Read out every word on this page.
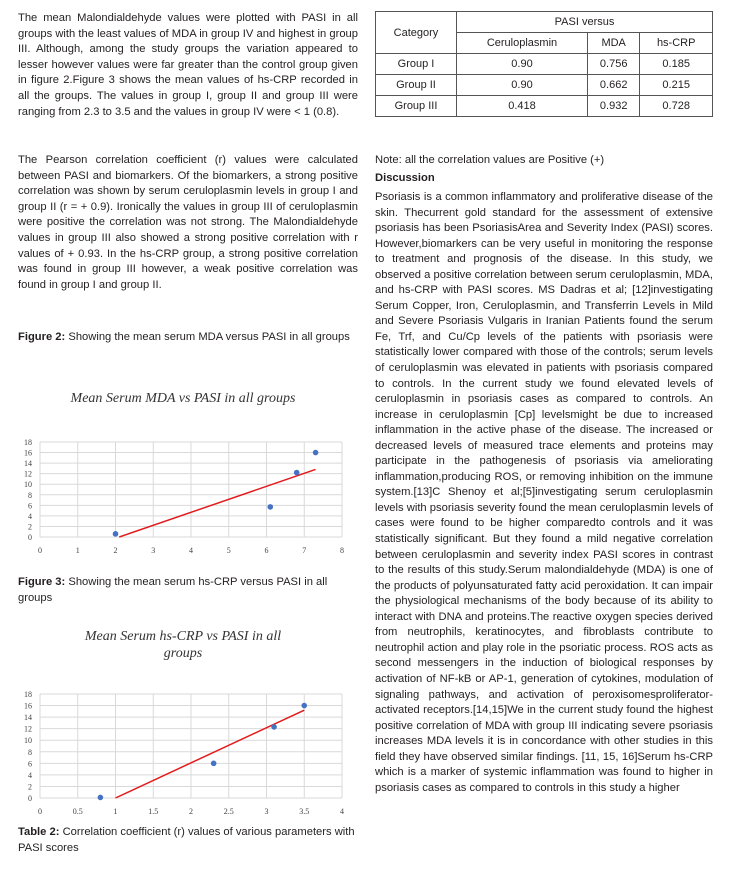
The mean Malondialdehyde values were plotted with PASI in all groups with the least values of MDA in group IV and highest in group III. Although, among the study groups the variation appeared to lesser however values were far greater than the control group given in figure 2.Figure 3 shows the mean values of hs-CRP recorded in all the groups. The values in group I, group II and group III were ranging from 2.3 to 3.5 and the values in group IV were < 1 (0.8).

The Pearson correlation coefficient (r) values were calculated between PASI and biomarkers. Of the biomarkers, a strong positive correlation was shown by serum ceruloplasmin levels in group I and group II (r = + 0.9). Ironically the values in group III of ceruloplasmin were positive the correlation was not strong. The Malondialdehyde values in group III also showed a strong positive correlation with r values of + 0.93. In the hs-CRP group, a strong positive correlation was found in group III however, a weak positive correlation was found in group I and group II.

Figure 2: Showing the mean serum MDA versus PASI in all groups
Mean Serum MDA vs PASI in all groups
0
2
4
6
8
10
12
14
16
18
0	1	2	3	4	5	6	7	8
Figure 3: Showing the mean serum hs-CRP versus PASI in all groups
Mean Serum hs-CRP vs PASI in all groups
0
2
4
6
8
10
12
14
16
18
0	0.5	1	1.5	2	2.5	3	3.5	4
Table 2: Correlation coefficient (r) values of various parameters with PASI scores
Category	PASI versus		
	Ceruloplasmin	MDA	hs-CRP
Group I	0.90	0.756	0.185
Group II	0.90	0.662	0.215
Group III	0.418	0.932	0.728
Note: all the correlation values are Positive (+)
Discussion

Psoriasis is a common inflammatory and proliferative disease of the skin. Thecurrent gold standard for the assessment of extensive psoriasis has been PsoriasisArea and Severity Index (PASI) scores. However,biomarkers can be very useful in monitoring the response to treatment and prognosis of the disease. In this study, we observed a positive correlation between serum ceruloplasmin, MDA, and hs-CRP with PASI scores. MS Dadras et al; [12]investigating Serum Copper, Iron, Ceruloplasmin, and Transferrin Levels in Mild and Severe Psoriasis Vulgaris in Iranian Patients found the serum Fe, Trf, and Cu/Cp levels of the patients with psoriasis were statistically lower compared with those of the controls; serum levels of ceruloplasmin was elevated in patients with psoriasis compared to controls. In the current study we found elevated levels of ceruloplasmin in psoriasis cases as compared to controls. An increase in ceruloplasmin [Cp] levelsmight be due to increased inflammation in the active phase of the disease. The increased or decreased levels of measured trace elements and proteins may participate in the pathogenesis of psoriasis via ameliorating inflammation,producing ROS, or removing inhibition on the immune system.[13]C Shenoy et al;[5]investigating serum ceruloplasmin levels with psoriasis severity found the mean ceruloplasmin levels of cases were found to be higher comparedto controls and it was statistically significant. But they found a mild negative correlation between ceruloplasmin and severity index PASI scores in contrast to the results of this study.Serum malondialdehyde (MDA) is one of the products of polyunsaturated fatty acid peroxidation. It can impair the physiological mechanisms of the body because of its ability to interact with DNA and proteins.The reactive oxygen species derived from neutrophils, keratinocytes, and fibroblasts contribute to neutrophil action and play role in the psoriatic process. ROS acts as second messengers in the induction of biological responses by activation of NF-kB or AP-1, generation of cytokines, modulation of signaling pathways, and activation of peroxisomesproliferator-activated receptors.[14,15]We in the current study found the highest positive correlation of MDA with group III indicating severe psoriasis increases MDA levels it is in concordance with other studies in this field they have observed similar findings. [11, 15, 16]Serum hs-CRP which is a marker of systemic inflammation was found to higher in psoriasis cases as compared to controls in this study a higher
